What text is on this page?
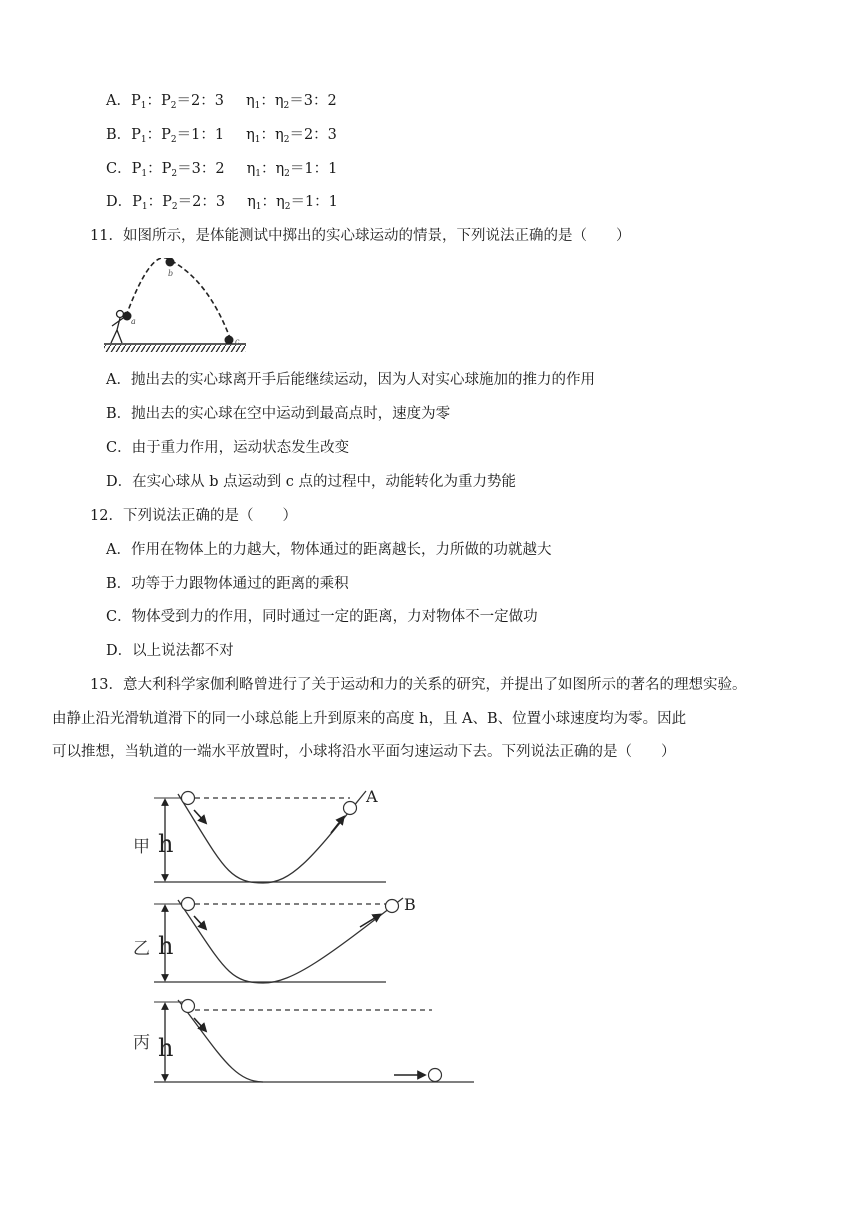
A．$P_1$：$P_2=2$：3 $\eta_1$：$\eta_2=3$：2
B．$P_1$：$P_2=1$：1 $\eta_1$：$\eta_2=2$：3
C．$P_1$：$P_2=3$：2 $\eta_1$：$\eta_2=1$：1
D．$P_1$：$P_2=2$：3 $\eta_1$：$\eta_2=1$：1
11．如图所示，是体能测试中掷出的实心球运动的情景，下列说法正确的是（　　）
a
b
c
A．抛出去的实心球离开手后能继续运动，因为人对实心球施加的推力的作用
B．抛出去的实心球在空中运动到最高点时，速度为零
C．由于重力作用，运动状态发生改变
D．在实心球从 b 点运动到 c 点的过程中，动能转化为重力势能
12．下列说法正确的是（　　）
A．作用在物体上的力越大，物体通过的距离越长，力所做的功就越大
B．功等于力跟物体通过的距离的乘积
C．物体受到力的作用，同时通过一定的距离，力对物体不一定做功
D．以上说法都不对
13．意大利科学家伽利略曾进行了关于运动和力的关系的研究，并提出了如图所示的著名的理想实验。
由静止沿光滑轨道滑下的同一小球总能上升到原来的高度 h，且 A、B、位置小球速度均为零。因此
可以推想，当轨道的一端水平放置时，小球将沿水平面匀速运动下去。下列说法正确的是（　　）
甲 h
A
乙 h
B
丙 h
